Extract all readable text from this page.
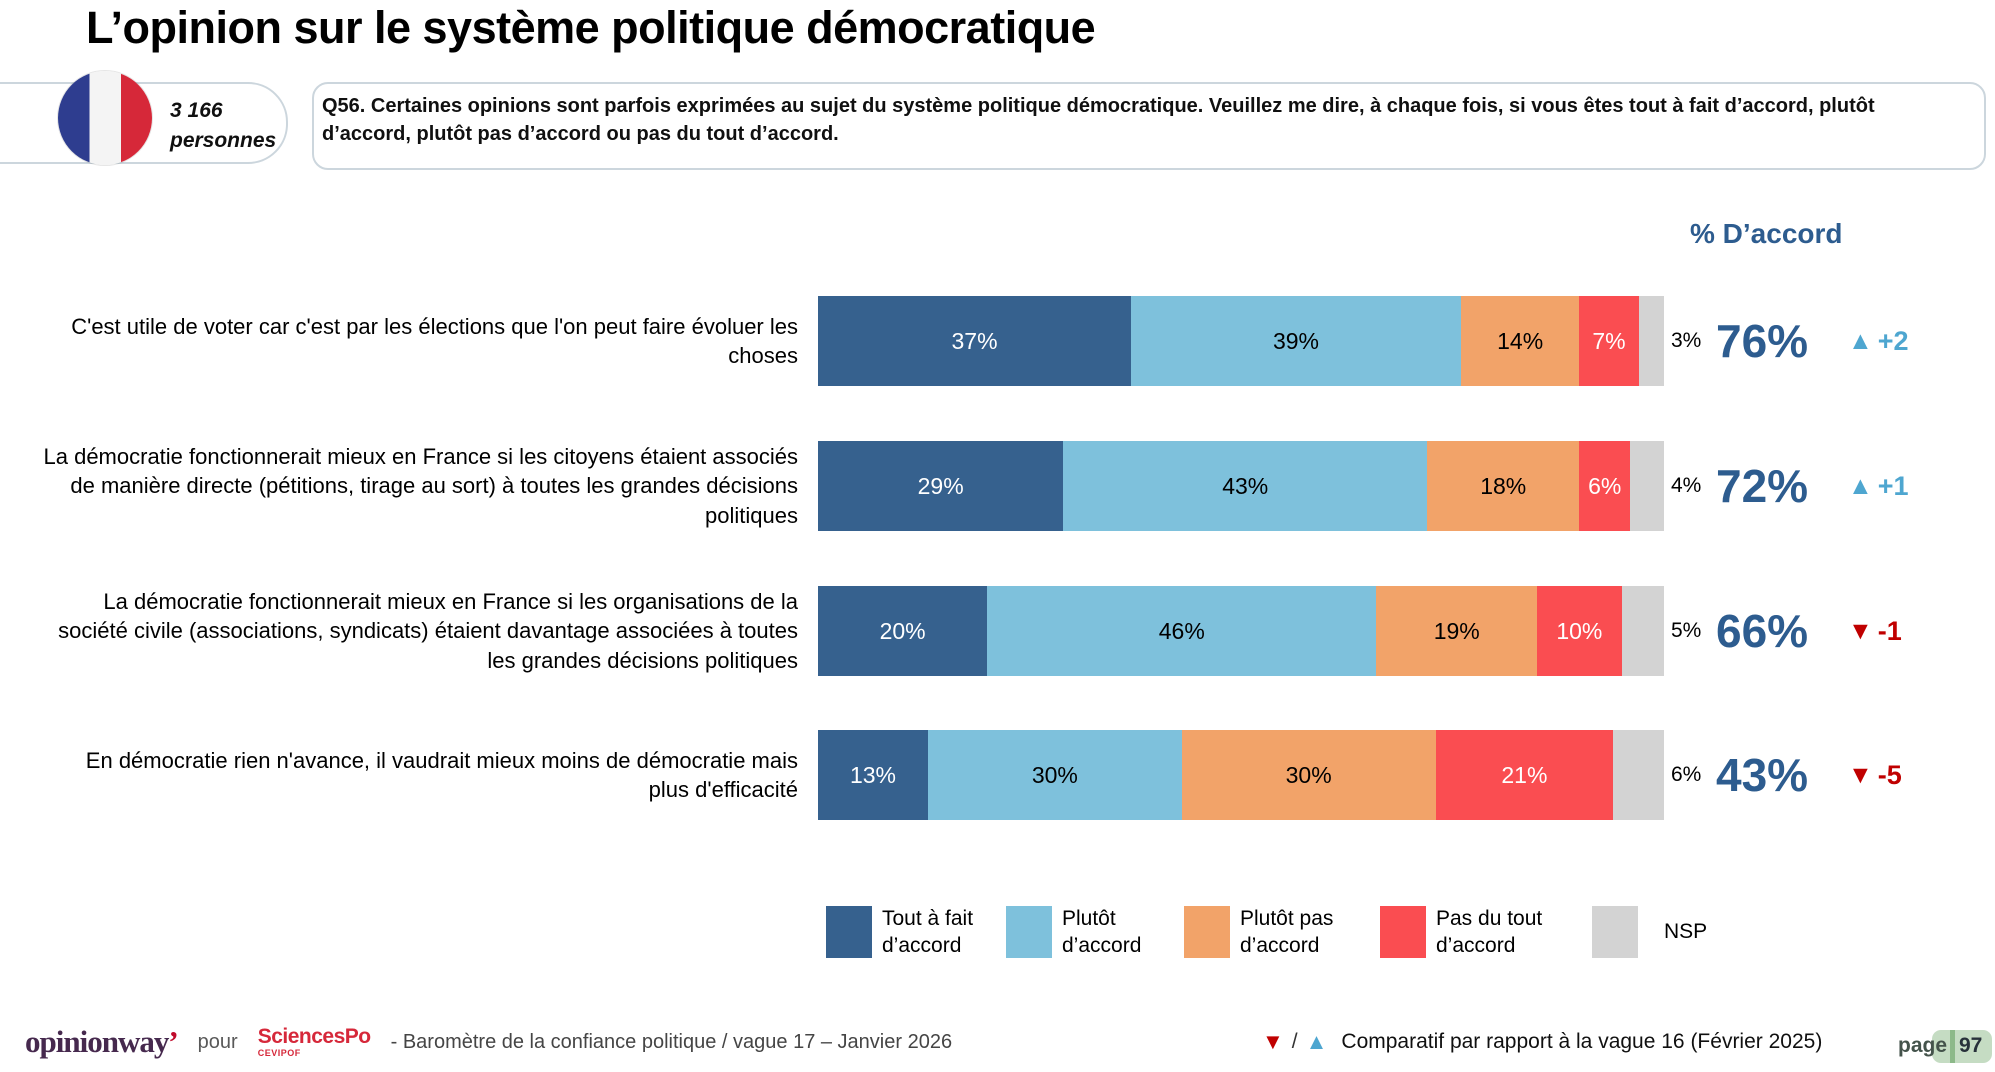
L’opinion sur le système politique démocratique
3 166
personnes
Q56. Certaines opinions sont parfois exprimées au sujet du système politique démocratique. Veuillez me dire, à chaque fois, si vous êtes tout à fait d’accord, plutôt d’accord, plutôt pas d’accord ou pas du tout d’accord.
% D’accord
C'est utile de voter car c'est par les élections que l'on peut faire évoluer les choses
37%	39%	14% 7% 3% 76%	▲ +2
La démocratie fonctionnerait mieux en France si les citoyens étaient associés de manière directe (pétitions, tirage au sort) à toutes les grandes décisions politiques
29%	43%	18%	6% 4% 72%	▲ +1
La démocratie fonctionnerait mieux en France si les organisations de la société civile (associations, syndicats) étaient davantage associées à toutes les grandes décisions politiques
20%	46%	19%	10%	5% 66%	▼ -1
En démocratie rien n'avance, il vaudrait mieux moins de démocratie mais plus d'efficacité
13%	30%	30%	21%	6% 43%	▼ -5
Tout à fait d’accord
Plutôt d’accord
Plutôt pas d’accord
Pas du tout d’accord
NSP
opinionway’ pour SciencesPo
CEVIPOF
- Baromètre de la confiance politique / vague 17 – Janvier 2026	▼ / ▲ Comparatif par rapport à la vague 16 (Février 2025)	page 97
